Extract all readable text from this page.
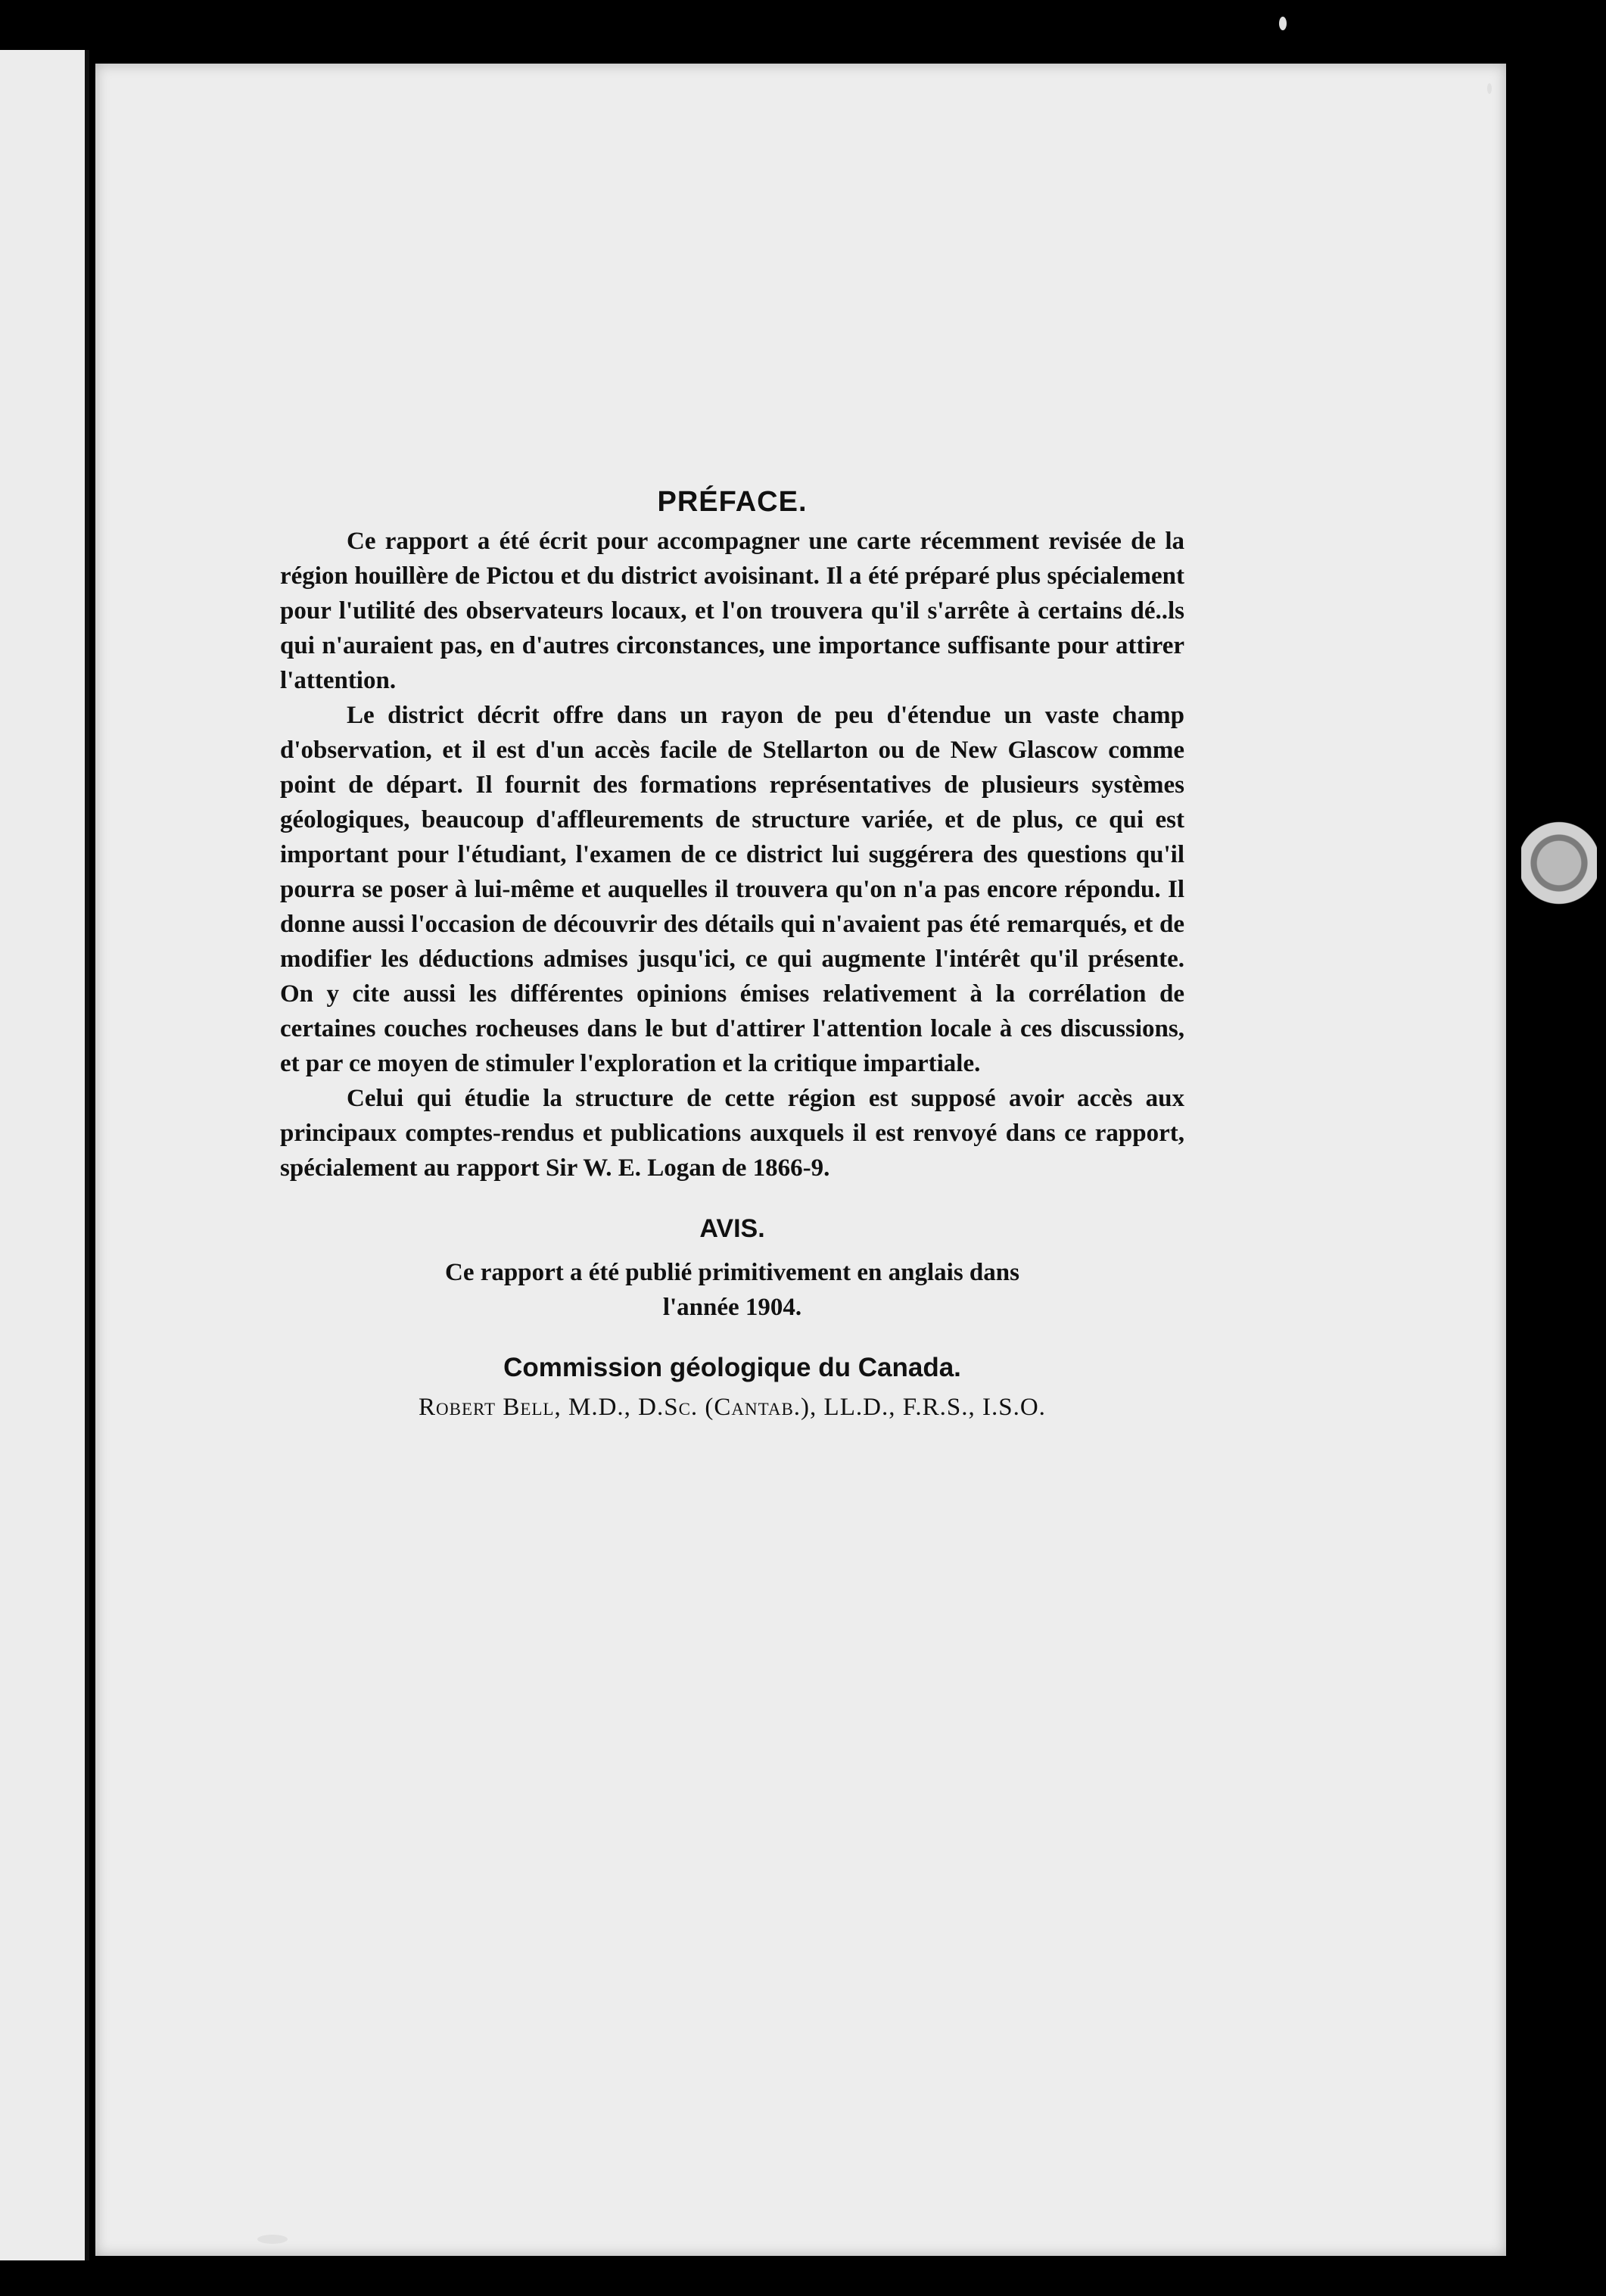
PRÉFACE.

Ce rapport a été écrit pour accompagner une carte récemment revisée de la région houillère de Pictou et du district avoisinant. Il a été préparé plus spécialement pour l'utilité des observateurs locaux, et l'on trouvera qu'il s'arrête à certains dé..ls qui n'auraient pas, en d'autres circonstances, une importance suffisante pour attirer l'attention.

Le district décrit offre dans un rayon de peu d'étendue un vaste champ d'observation, et il est d'un accès facile de Stellarton ou de New Glascow comme point de départ. Il fournit des formations représentatives de plusieurs systèmes géologiques, beaucoup d'affleurements de structure variée, et de plus, ce qui est important pour l'étudiant, l'examen de ce district lui suggérera des questions qu'il pourra se poser à lui-même et auquelles il trouvera qu'on n'a pas encore répondu. Il donne aussi l'occasion de découvrir des détails qui n'avaient pas été remarqués, et de modifier les déductions admises jusqu'ici, ce qui augmente l'intérêt qu'il présente. On y cite aussi les différentes opinions émises relativement à la corrélation de certaines couches rocheuses dans le but d'attirer l'attention locale à ces discussions, et par ce moyen de stimuler l'exploration et la critique impartiale.

Celui qui étudie la structure de cette région est supposé avoir accès aux principaux comptes-rendus et publications auxquels il est renvoyé dans ce rapport, spécialement au rapport Sir W. E. Logan de 1866-9.

AVIS.

Ce rapport a été publié primitivement en anglais dans

l'année 1904.

Commission géologique du Canada.

Robert Bell, M.D., D.Sc. (Cantab.), LL.D., F.R.S., I.S.O.
